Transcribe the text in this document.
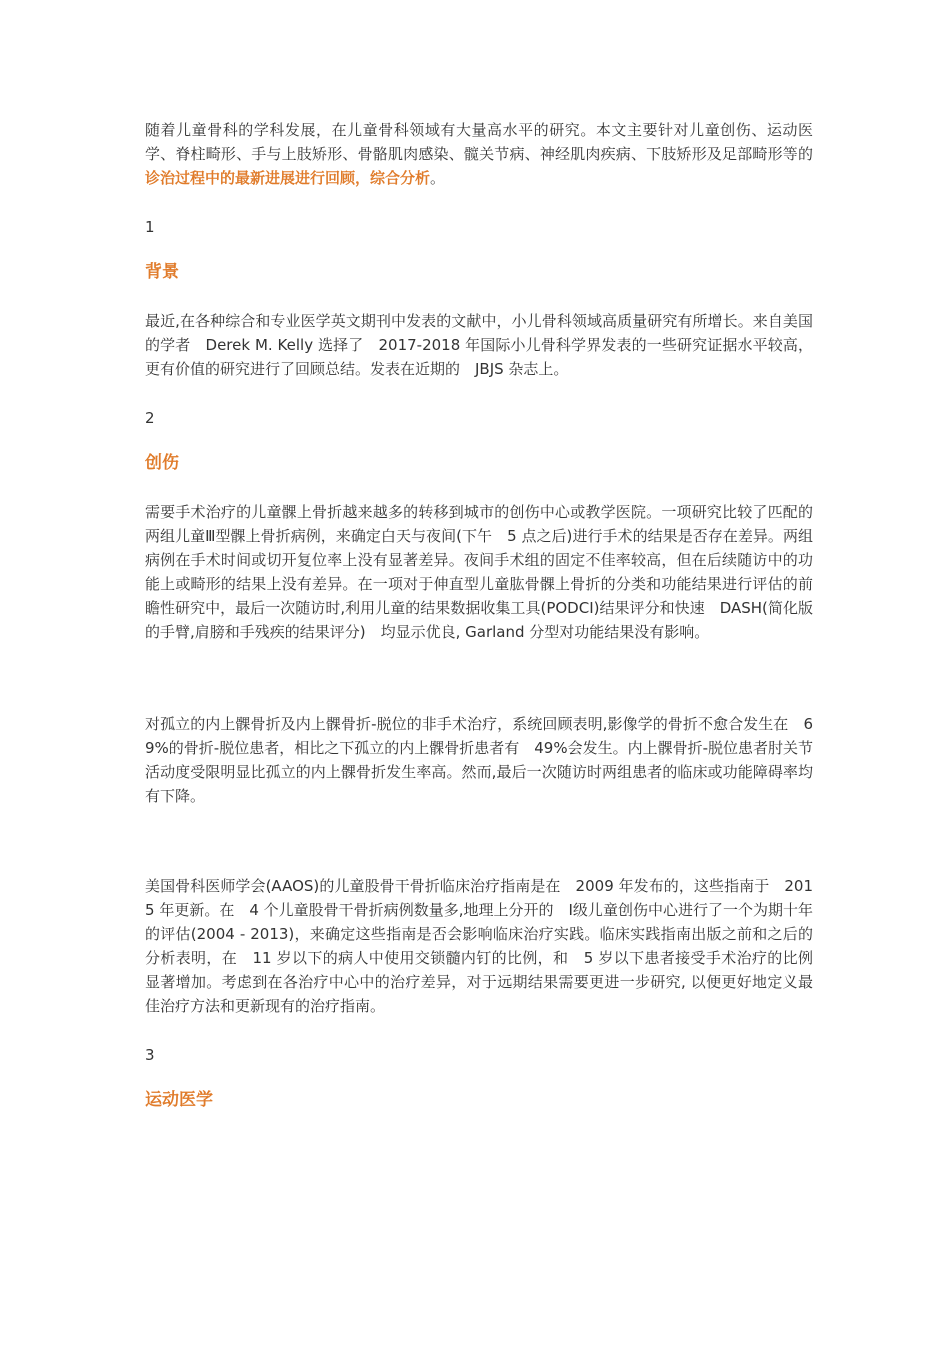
随着儿童骨科的学科发展，在儿童骨科领域有大量高水平的研究。本文主要针对儿童创伤、运动医学、脊柱畸形、手与上肢矫形、骨骼肌肉感染、髋关节病、神经肌肉疾病、下肢矫形及足部畸形等的诊治过程中的最新进展进行回顾，综合分析。

1

背景

最近,在各种综合和专业医学英文期刊中发表的文献中，小儿骨科领域高质量研究有所增长。来自美国的学者　Derek M. Kelly 选择了　2017-2018 年国际小儿骨科学界发表的一些研究证据水平较高，更有价值的研究进行了回顾总结。发表在近期的　JBJS 杂志上。

2

创伤

需要手术治疗的儿童髁上骨折越来越多的转移到城市的创伤中心或教学医院。一项研究比较了匹配的两组儿童Ⅲ型髁上骨折病例，来确定白天与夜间(下午　5 点之后)进行手术的结果是否存在差异。两组病例在手术时间或切开复位率上没有显著差异。夜间手术组的固定不佳率较高，但在后续随访中的功能上或畸形的结果上没有差异。在一项对于伸直型儿童肱骨髁上骨折的分类和功能结果进行评估的前瞻性研究中，最后一次随访时,利用儿童的结果数据收集工具(PODCI)结果评分和快速　DASH(简化版的手臂,肩膀和手残疾的结果评分)　均显示优良, Garland 分型对功能结果没有影响。

对孤立的内上髁骨折及内上髁骨折-脱位的非手术治疗，系统回顾表明,影像学的骨折不愈合发生在　69%的骨折-脱位患者，相比之下孤立的内上髁骨折患者有　49%会发生。内上髁骨折-脱位患者肘关节活动度受限明显比孤立的内上髁骨折发生率高。然而,最后一次随访时两组患者的临床或功能障碍率均有下降。

美国骨科医师学会(AAOS)的儿童股骨干骨折临床治疗指南是在　2009 年发布的，这些指南于　2015 年更新。在　4 个儿童股骨干骨折病例数量多,地理上分开的　Ⅰ级儿童创伤中心进行了一个为期十年的评估(2004 - 2013)，来确定这些指南是否会影响临床治疗实践。临床实践指南出版之前和之后的分析表明，在　11 岁以下的病人中使用交锁髓内钉的比例，和　5 岁以下患者接受手术治疗的比例显著增加。考虑到在各治疗中心中的治疗差异，对于远期结果需要更进一步研究, 以便更好地定义最佳治疗方法和更新现有的治疗指南。

3

运动医学
